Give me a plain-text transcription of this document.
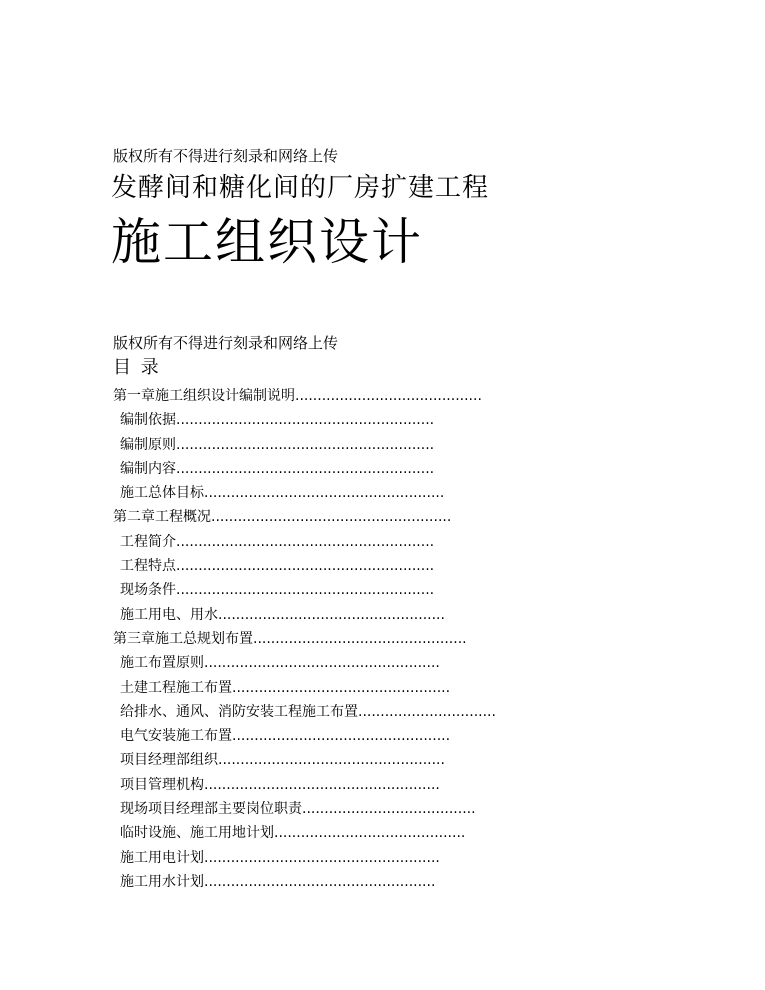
版权所有不得进行刻录和网络上传
发酵间和糖化间的厂房扩建工程
施工组织设计
版权所有不得进行刻录和网络上传
目 录
第一章施工组织设计编制说明..........................................
编制依据..........................................................
编制原则..........................................................
编制内容..........................................................
施工总体目标......................................................
第二章工程概况......................................................
工程简介..........................................................
工程特点..........................................................
现场条件..........................................................
施工用电、用水...................................................
第三章施工总规划布置................................................
施工布置原则.....................................................
土建工程施工布置.................................................
给排水、通风、消防安装工程施工布置...............................
电气安装施工布置.................................................
项目经理部组织...................................................
项目管理机构.....................................................
现场项目经理部主要岗位职责.......................................
临时设施、施工用地计划...........................................
施工用电计划.....................................................
施工用水计划....................................................
